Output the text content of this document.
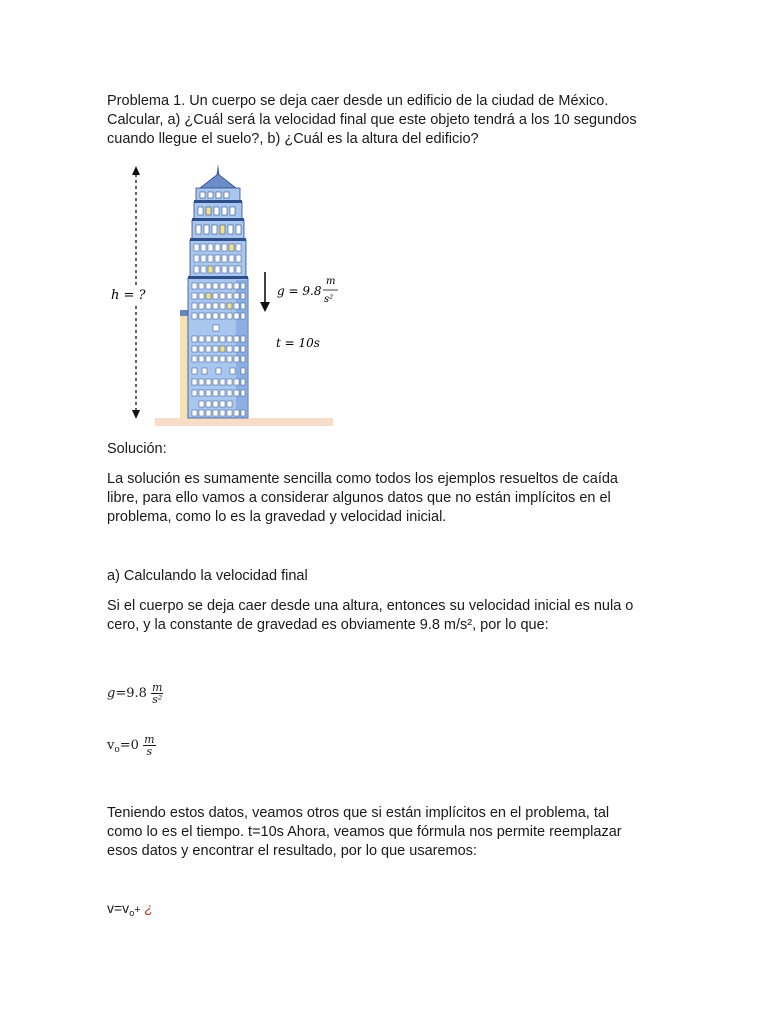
Problema 1. Un cuerpo se deja caer desde un edificio de la ciudad de México.
Calcular, a) ¿Cuál será la velocidad final que este objeto tendrá a los 10 segundos
cuando llegue el suelo?, b) ¿Cuál es la altura del edificio?
h = ?	g = 9.8
m
s²
t = 10s
Solución:
La solución es sumamente sencilla como todos los ejemplos resueltos de caída
libre, para ello vamos a considerar algunos datos que no están implícitos en el
problema, como lo es la gravedad y velocidad inicial.
a) Calculando la velocidad final
Si el cuerpo se deja caer desde una altura, entonces su velocidad inicial es nula o
cero, y la constante de gravedad es obviamente 9.8 m/s², por lo que:
$g=9.8 \frac{m}{\text{s²}}$
$v_o=0 \frac{m}{s}$
Teniendo estos datos, veamos otros que si están implícitos en el problema, tal
como lo es el tiempo. t=10s Ahora, veamos que fórmula nos permite reemplazar
esos datos y encontrar el resultado, por lo que usaremos:
$v=v_o+$ ¿
